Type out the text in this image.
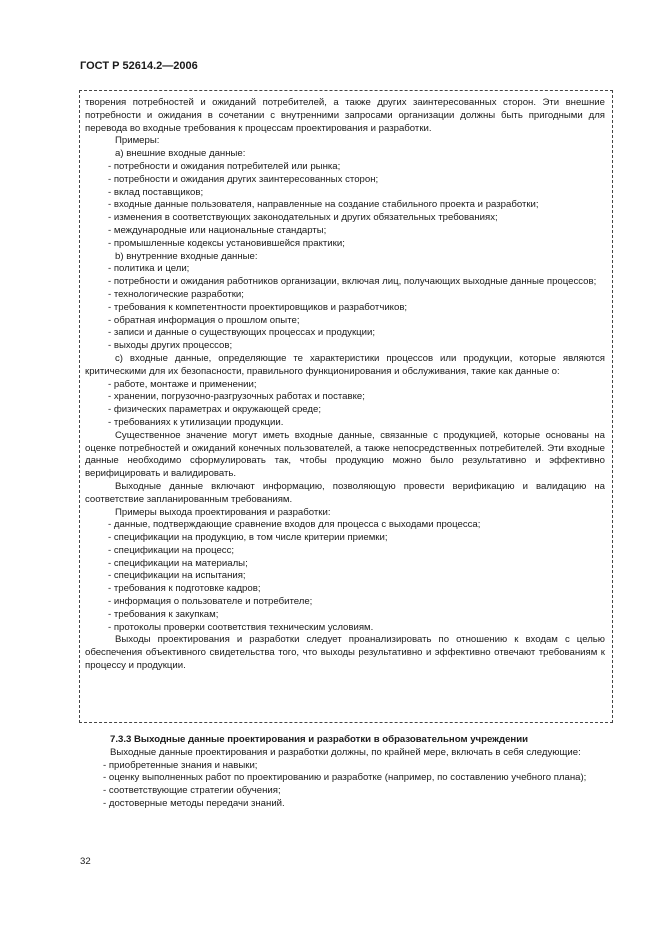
ГОСТ Р 52614.2—2006

творения потребностей и ожиданий потребителей, а также других заинтересованных сторон. Эти внешние потребности и ожидания в сочетании с внутренними запросами организации должны быть пригодными для перевода во входные требования к процессам проектирования и разработки.

Примеры:

а) внешние входные данные:

- потребности и ожидания потребителей или рынка;

- потребности и ожидания других заинтересованных сторон;

- вклад поставщиков;

- входные данные пользователя, направленные на создание стабильного проекта и разработки;

- изменения в соответствующих законодательных и других обязательных требованиях;

- международные или национальные стандарты;

- промышленные кодексы установившейся практики;

b) внутренние входные данные:

- политика и цели;

- потребности и ожидания работников организации, включая лиц, получающих выходные данные процессов;

- технологические разработки;

- требования к компетентности проектировщиков и разработчиков;

- обратная информация о прошлом опыте;

- записи и данные о существующих процессах и продукции;

- выходы других процессов;

c) входные данные, определяющие те характеристики процессов или продукции, которые являются критическими для их безопасности, правильного функционирования и обслуживания, такие как данные о:

- работе, монтаже и применении;

- хранении, погрузочно-разгрузочных работах и поставке;

- физических параметрах и окружающей среде;

- требованиях к утилизации продукции.

Существенное значение могут иметь входные данные, связанные с продукцией, которые основаны на оценке потребностей и ожиданий конечных пользователей, а также непосредственных потребителей. Эти входные данные необходимо сформулировать так, чтобы продукцию можно было результативно и эффективно верифицировать и валидировать.

Выходные данные включают информацию, позволяющую провести верификацию и валидацию на соответствие запланированным требованиям.

Примеры выхода проектирования и разработки:

- данные, подтверждающие сравнение входов для процесса с выходами процесса;

- спецификации на продукцию, в том числе критерии приемки;

- спецификации на процесс;

- спецификации на материалы;

- спецификации на испытания;

- требования к подготовке кадров;

- информация о пользователе и потребителе;

- требования к закупкам;

- протоколы проверки соответствия техническим условиям.

Выходы проектирования и разработки следует проанализировать по отношению к входам с целью обеспечения объективного свидетельства того, что выходы результативно и эффективно отвечают требованиям к процессу и продукции.

7.3.3 Выходные данные проектирования и разработки в образовательном учреждении

Выходные данные проектирования и разработки должны, по крайней мере, включать в себя следующие:

- приобретенные знания и навыки;

- оценку выполненных работ по проектированию и разработке (например, по составлению учебного плана);

- соответствующие стратегии обучения;

- достоверные методы передачи знаний.

32
